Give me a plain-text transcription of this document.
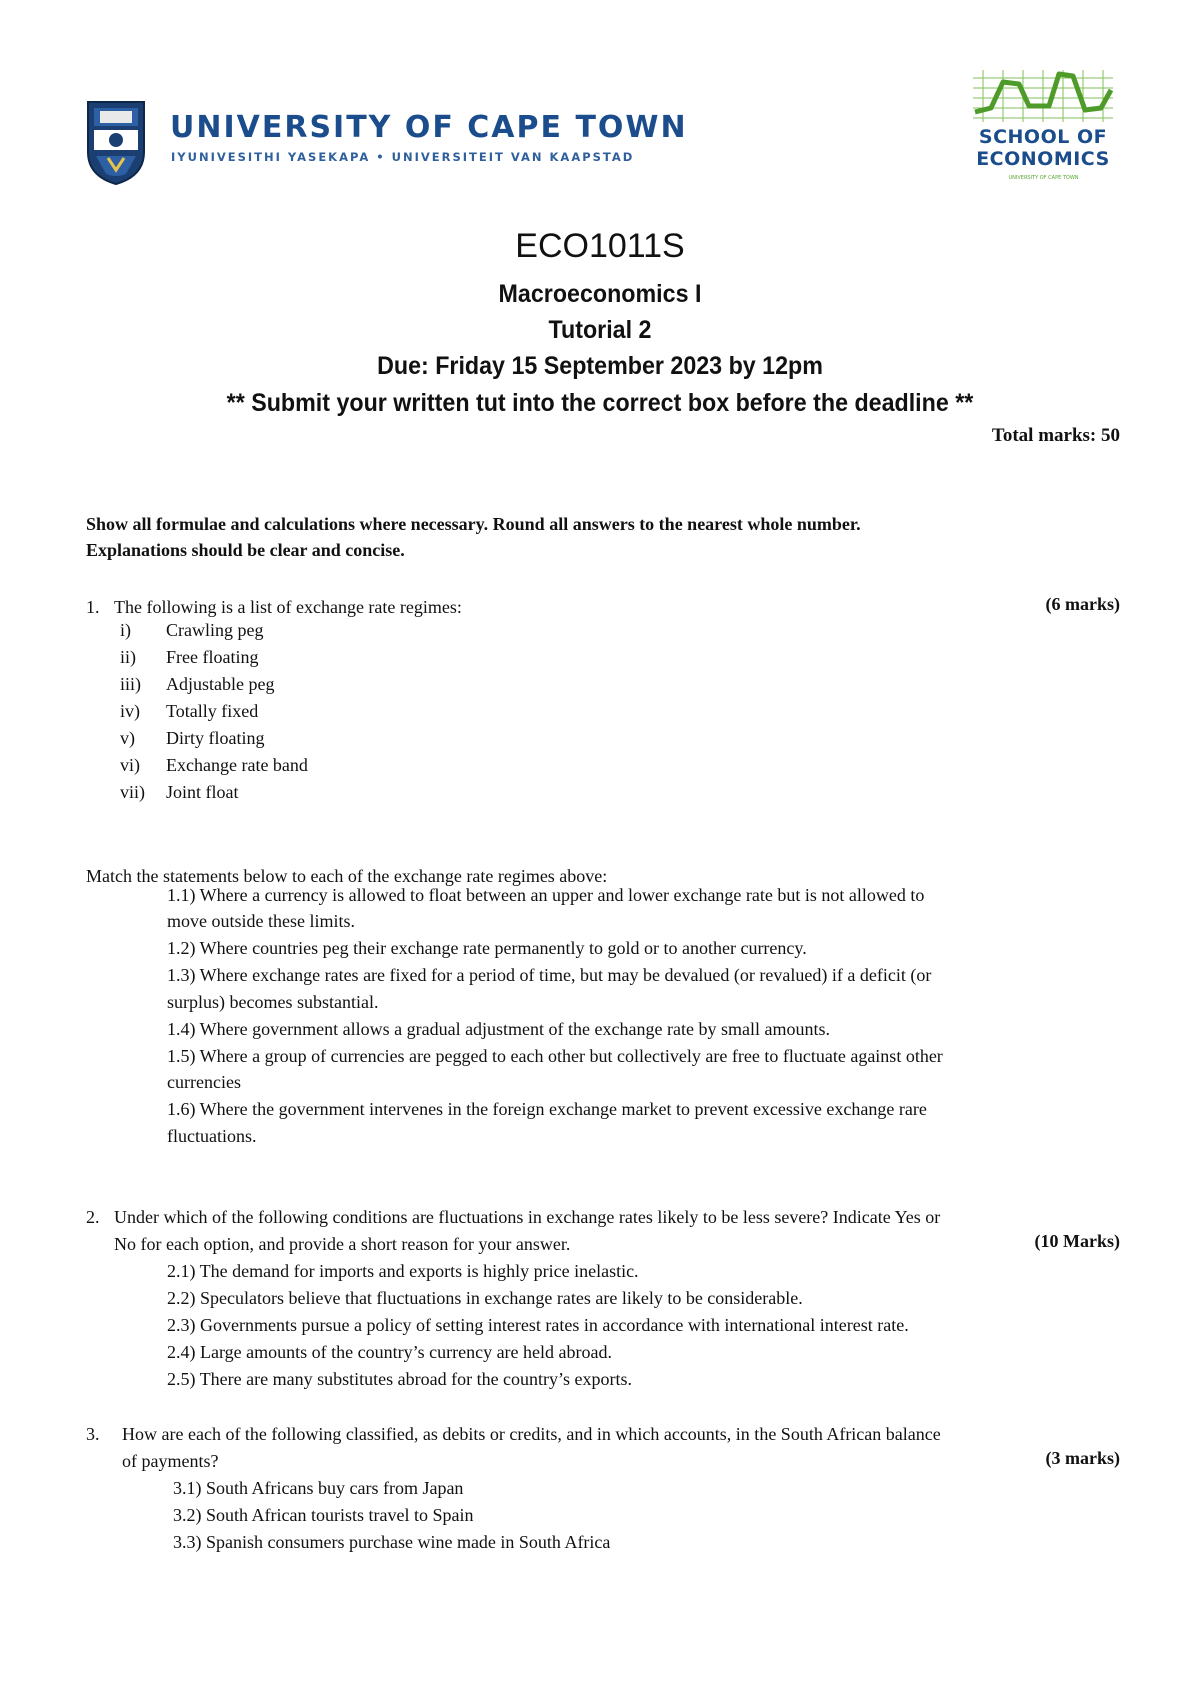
UNIVERSITY OF CAPE TOWN
IYUNIVESITHI YASEKAPA • UNIVERSITEIT VAN KAAPSTAD
SCHOOL OF
ECONOMICS
UNIVERSITY OF CAPE TOWN
ECO1011S
Macroeconomics I
Tutorial 2
Due: Friday 15 September 2023 by 12pm
** Submit your written tut into the correct box before the deadline **
Total marks: 50
Show all formulae and calculations where necessary. Round all answers to the nearest whole number.
Explanations should be clear and concise.
1. The following is a list of exchange rate regimes:	(6 marks)
i)	Crawling peg
ii)	Free floating
iii)	Adjustable peg
iv)	Totally fixed
v)	Dirty floating
vi)	Exchange rate band
vii)	Joint float
Match the statements below to each of the exchange rate regimes above:
1.1) Where a currency is allowed to float between an upper and lower exchange rate but is not allowed to
move outside these limits.
1.2) Where countries peg their exchange rate permanently to gold or to another currency.
1.3) Where exchange rates are fixed for a period of time, but may be devalued (or revalued) if a deficit (or
surplus) becomes substantial.
1.4) Where government allows a gradual adjustment of the exchange rate by small amounts.
1.5) Where a group of currencies are pegged to each other but collectively are free to fluctuate against other
currencies
1.6) Where the government intervenes in the foreign exchange market to prevent excessive exchange rare
fluctuations.
2. Under which of the following conditions are fluctuations in exchange rates likely to be less severe? Indicate Yes or
No for each option, and provide a short reason for your answer.	(10 Marks)
2.1) The demand for imports and exports is highly price inelastic.
2.2) Speculators believe that fluctuations in exchange rates are likely to be considerable.
2.3) Governments pursue a policy of setting interest rates in accordance with international interest rate.
2.4) Large amounts of the country’s currency are held abroad.
2.5) There are many substitutes abroad for the country’s exports.
3. How are each of the following classified, as debits or credits, and in which accounts, in the South African balance
of payments?	(3 marks)
3.1) South Africans buy cars from Japan
3.2) South African tourists travel to Spain
3.3) Spanish consumers purchase wine made in South Africa
